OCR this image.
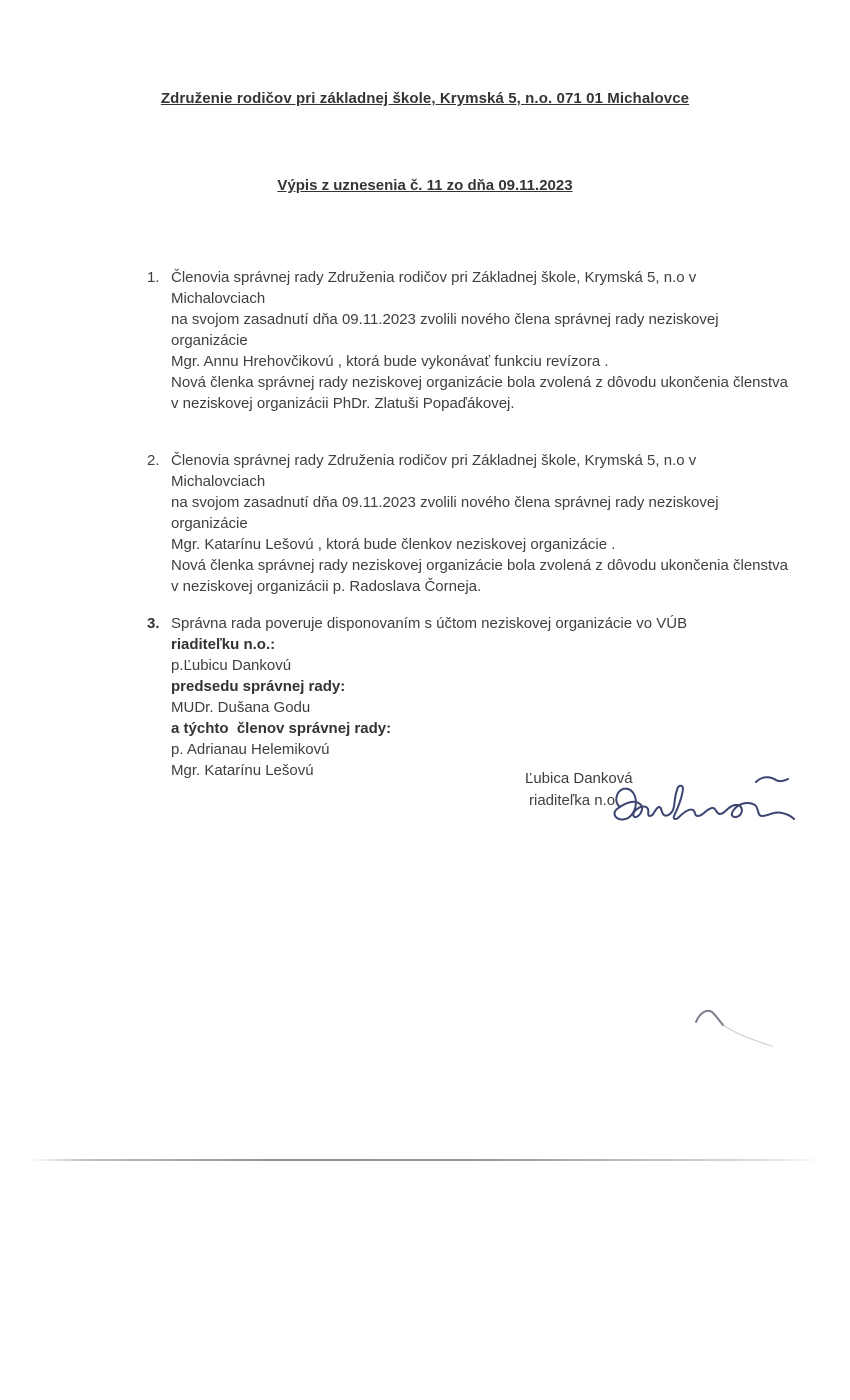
Združenie rodičov pri základnej škole, Krymská 5, n.o. 071 01 Michalovce
Výpis z uznesenia č. 11 zo dňa 09.11.2023
1. Členovia správnej rady Združenia rodičov pri Základnej škole, Krymská 5, n.o v Michalovciach
na svojom zasadnutí dňa 09.11.2023 zvolili nového člena správnej rady neziskovej organizácie
Mgr. Annu Hrehovčikovú , ktorá bude vykonávať funkciu revízora .
Nová členka správnej rady neziskovej organizácie bola zvolená z dôvodu ukončenia členstva
v neziskovej organizácii PhDr. Zlatuši Popaďákovej.
2. Členovia správnej rady Združenia rodičov pri Základnej škole, Krymská 5, n.o v Michalovciach
na svojom zasadnutí dňa 09.11.2023 zvolili nového člena správnej rady neziskovej organizácie
Mgr. Katarínu Lešovú , ktorá bude členkov neziskovej organizácie .
Nová členka správnej rady neziskovej organizácie bola zvolená z dôvodu ukončenia členstva
v neziskovej organizácii p. Radoslava Čorneja.
3. Správna rada poveruje disponovaním s účtom neziskovej organizácie vo VÚB
riaditeľku n.o.:
p.Ľubicu Dankovú
predsedu správnej rady:
MUDr. Dušana Godu
a týchto  členov správnej rady:
p. Adrianau Helemikovú
Mgr. Katarínu Lešovú	Ľubica Danková
riaditeľka n.o
